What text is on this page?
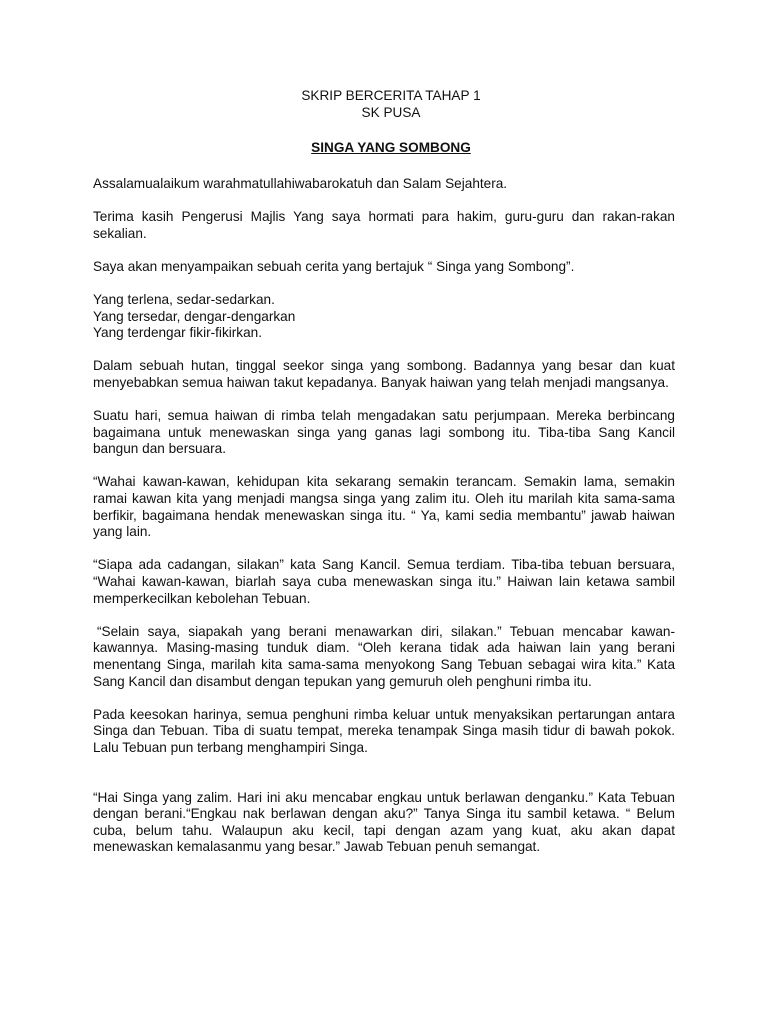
SKRIP BERCERITA TAHAP 1

SK PUSA

SINGA YANG SOMBONG

Assalamualaikum warahmatullahiwabarokatuh dan Salam Sejahtera.

Terima kasih Pengerusi Majlis Yang saya hormati para hakim, guru-guru dan rakan-rakan sekalian.

Saya akan menyampaikan sebuah cerita yang bertajuk “ Singa yang Sombong”.

Yang terlena, sedar-sedarkan.
Yang tersedar, dengar-dengarkan
Yang terdengar fikir-fikirkan.

Dalam sebuah hutan, tinggal seekor singa yang sombong. Badannya yang besar dan kuat menyebabkan semua haiwan takut kepadanya. Banyak haiwan yang telah menjadi mangsanya.

Suatu hari, semua haiwan di rimba telah mengadakan satu perjumpaan. Mereka berbincang bagaimana untuk menewaskan singa yang ganas lagi sombong itu. Tiba-tiba Sang Kancil bangun dan bersuara.

“Wahai kawan-kawan, kehidupan kita sekarang semakin terancam. Semakin lama, semakin ramai kawan kita yang menjadi mangsa singa yang zalim itu. Oleh itu marilah kita sama-sama berfikir, bagaimana hendak menewaskan singa itu. “ Ya, kami sedia membantu” jawab haiwan yang lain.

“Siapa ada cadangan, silakan” kata Sang Kancil. Semua terdiam. Tiba-tiba tebuan bersuara, “Wahai kawan-kawan, biarlah saya cuba menewaskan singa itu.” Haiwan lain ketawa sambil memperkecilkan kebolehan Tebuan.

“Selain saya, siapakah yang berani menawarkan diri, silakan.” Tebuan mencabar kawan-kawannya. Masing-masing tunduk diam. “Oleh kerana tidak ada haiwan lain yang berani menentang Singa, marilah kita sama-sama menyokong Sang Tebuan sebagai wira kita.” Kata Sang Kancil dan disambut dengan tepukan yang gemuruh oleh penghuni rimba itu.

Pada keesokan harinya, semua penghuni rimba keluar untuk menyaksikan pertarungan antara Singa dan Tebuan. Tiba di suatu tempat, mereka tenampak Singa masih tidur di bawah pokok. Lalu Tebuan pun terbang menghampiri Singa.

“Hai Singa yang zalim. Hari ini aku mencabar engkau untuk berlawan denganku.” Kata Tebuan dengan berani.“Engkau nak berlawan dengan aku?” Tanya Singa itu sambil ketawa. “ Belum cuba, belum tahu. Walaupun aku kecil, tapi dengan azam yang kuat, aku akan dapat menewaskan kemalasanmu yang besar.” Jawab Tebuan penuh semangat.
